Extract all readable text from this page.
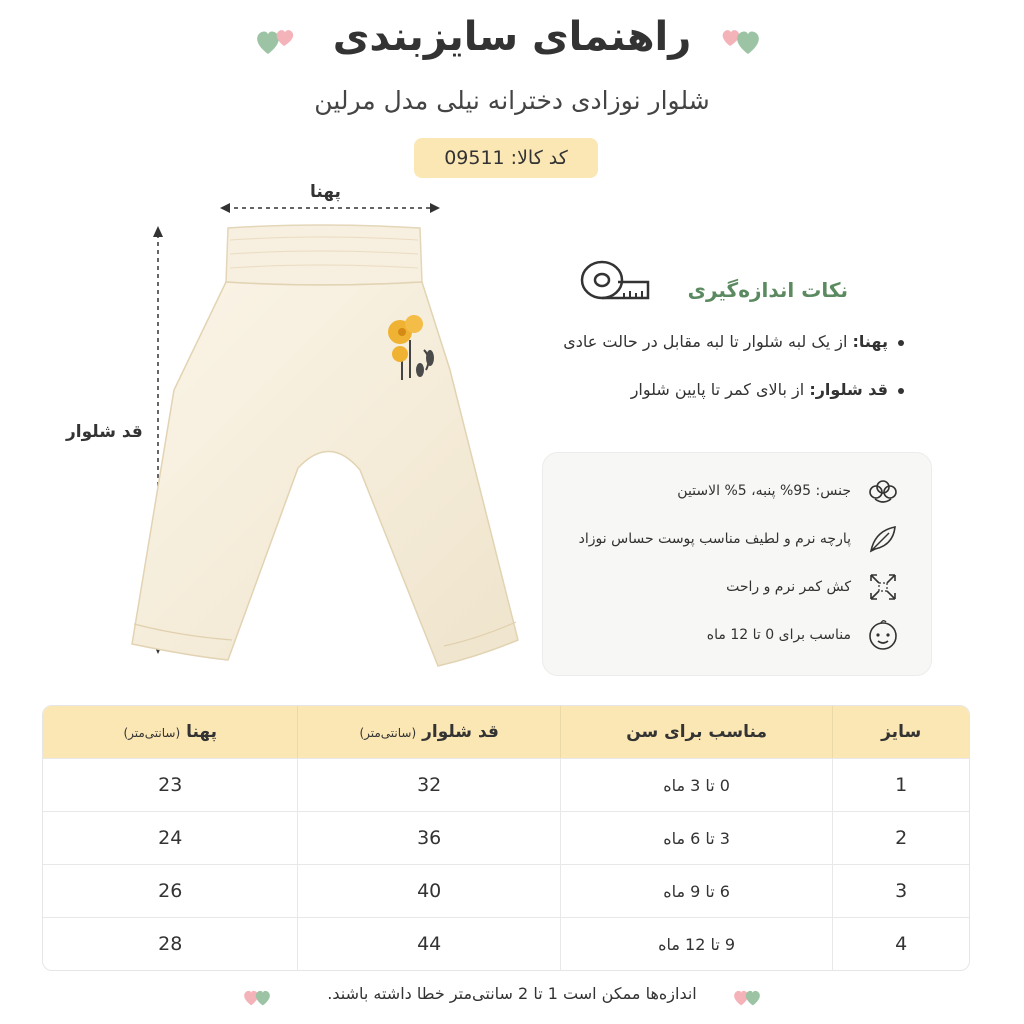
راهنمای سایزبندی
شلوار نوزادی دخترانه نیلی مدل مرلین
کد کالا: 09511
پهنا
قد شلوار
نکات اندازه‌گیری
پهنا: از یک لبه شلوار تا لبه مقابل در حالت عادی
قد شلوار: از بالای کمر تا پایین شلوار
جنس: 95% پنبه، 5% الاستین
پارچه نرم و لطیف مناسب پوست حساس نوزاد
کش کمر نرم و راحت
مناسب برای 0 تا 12 ماه
سایز	مناسب برای سن	قد شلوار (سانتی‌متر)	پهنا (سانتی‌متر)
1	0 تا 3 ماه	32	23
2	3 تا 6 ماه	36	24
3	6 تا 9 ماه	40	26
4	9 تا 12 ماه	44	28
اندازه‌ها ممکن است 1 تا 2 سانتی‌متر خطا داشته باشند.
